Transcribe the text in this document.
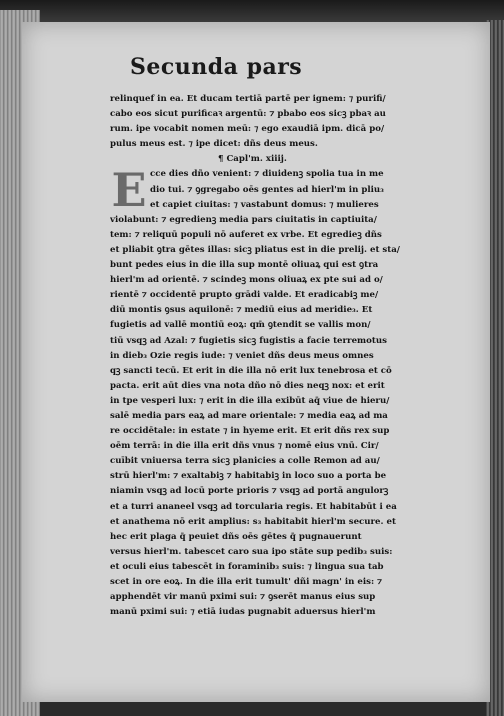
Secunda pars
E
relinquef in ea. Et ducam tertiā partē per ignem: ⁊ purifi/
cabo eos sicut purificaꝛ argentū: ⁊ pbabo eos sicꝫ pbaꝛ au
rum. ipe vocabit nomen meū: ⁊ ego exaudiā ipm. dicā po/
pulus meus est. ⁊ ipe dicet: dñs deus meus.
¶ Capl'm. xiiij.
cce dies dño venient: ⁊ diuidenꝫ spolia tua in me
dio tui. ⁊ ꝯgregabo oēs gentes ad hierl'm in pliu₃
et capiet ciuitas: ⁊ vastabunt domus: ⁊ mulieres
violabunt: ⁊ egredienꝫ media pars ciuitatis in captiuita/
tem: ⁊ reliquū populi nō auferet ex vrbe. Et egredieꝫ dñs
et pliabit ꝯtra gētes illas: sicꝫ pliatus est in die prelij. et sta/
bunt pedes eius in die illa sup montē oliuaꝝ qui est ꝯtra
hierl'm ad orientē. ⁊ scindeꝫ mons oliuaꝝ ex pte sui ad o/
rientē ⁊ occidentē prupto grādi valde. Et eradicabiꝫ me/
diū montis ꝯsus aquilonē: ⁊ mediū eius ad meridie₃. Et
fugietis ad vallē montiū eoꝝ: qm̄ ꝯtendit se vallis mon/
tiū vsqꝫ ad Azal: ⁊ fugietis sicꝫ fugistis a facie terremotus
in dieb₃ Ozie regis iude: ⁊ veniet dñs deus meus omnes
qꝫ sancti tecū. Et erit in die illa nō erit lux tenebrosa et cō
pacta. erit aūt dies vna nota dño nō dies neqꝫ nox: et erit
in tpe vesperi lux: ⁊ erit in die illa exibūt aq̄ viue de hieru/
salē media pars eaꝝ ad mare orientale: ⁊ media eaꝝ ad ma
re occidētale: in estate ⁊ in hyeme erit. Et erit dñs rex sup
oēm terrā: in die illa erit dñs vnus ⁊ nomē eius vnū. Cir/
cuībit vniuersa terra sicꝫ planicies a colle Remon ad au/
strū hierl'm: ⁊ exaltabiꝫ ⁊ habitabiꝫ in loco suo a porta be
niamin vsqꝫ ad locū porte prioris ⁊ vsqꝫ ad portā angulorꝫ
et a turri ananeel vsqꝫ ad torcularia regis. Et habitabūt i ea
et anathema nō erit amplius: s₃ habitabit hierl'm secure. et
hec erit plaga q̄ peuiet dñs oēs gētes q̄ pugnauerunt
versus hierl'm. tabescet caro sua ipo stāte sup pedib₃ suis:
et oculi eius tabescēt in foraminib₃ suis: ⁊ lingua sua tab
scet in ore eoꝝ. In die illa erit tumult' dñi magn' in eis: ⁊
apphendēt vir manū pximi sui: ⁊ ꝯserēt manus eius sup
manū pximi sui: ⁊ etiā iudas pugnabit aduersus hierl'm
